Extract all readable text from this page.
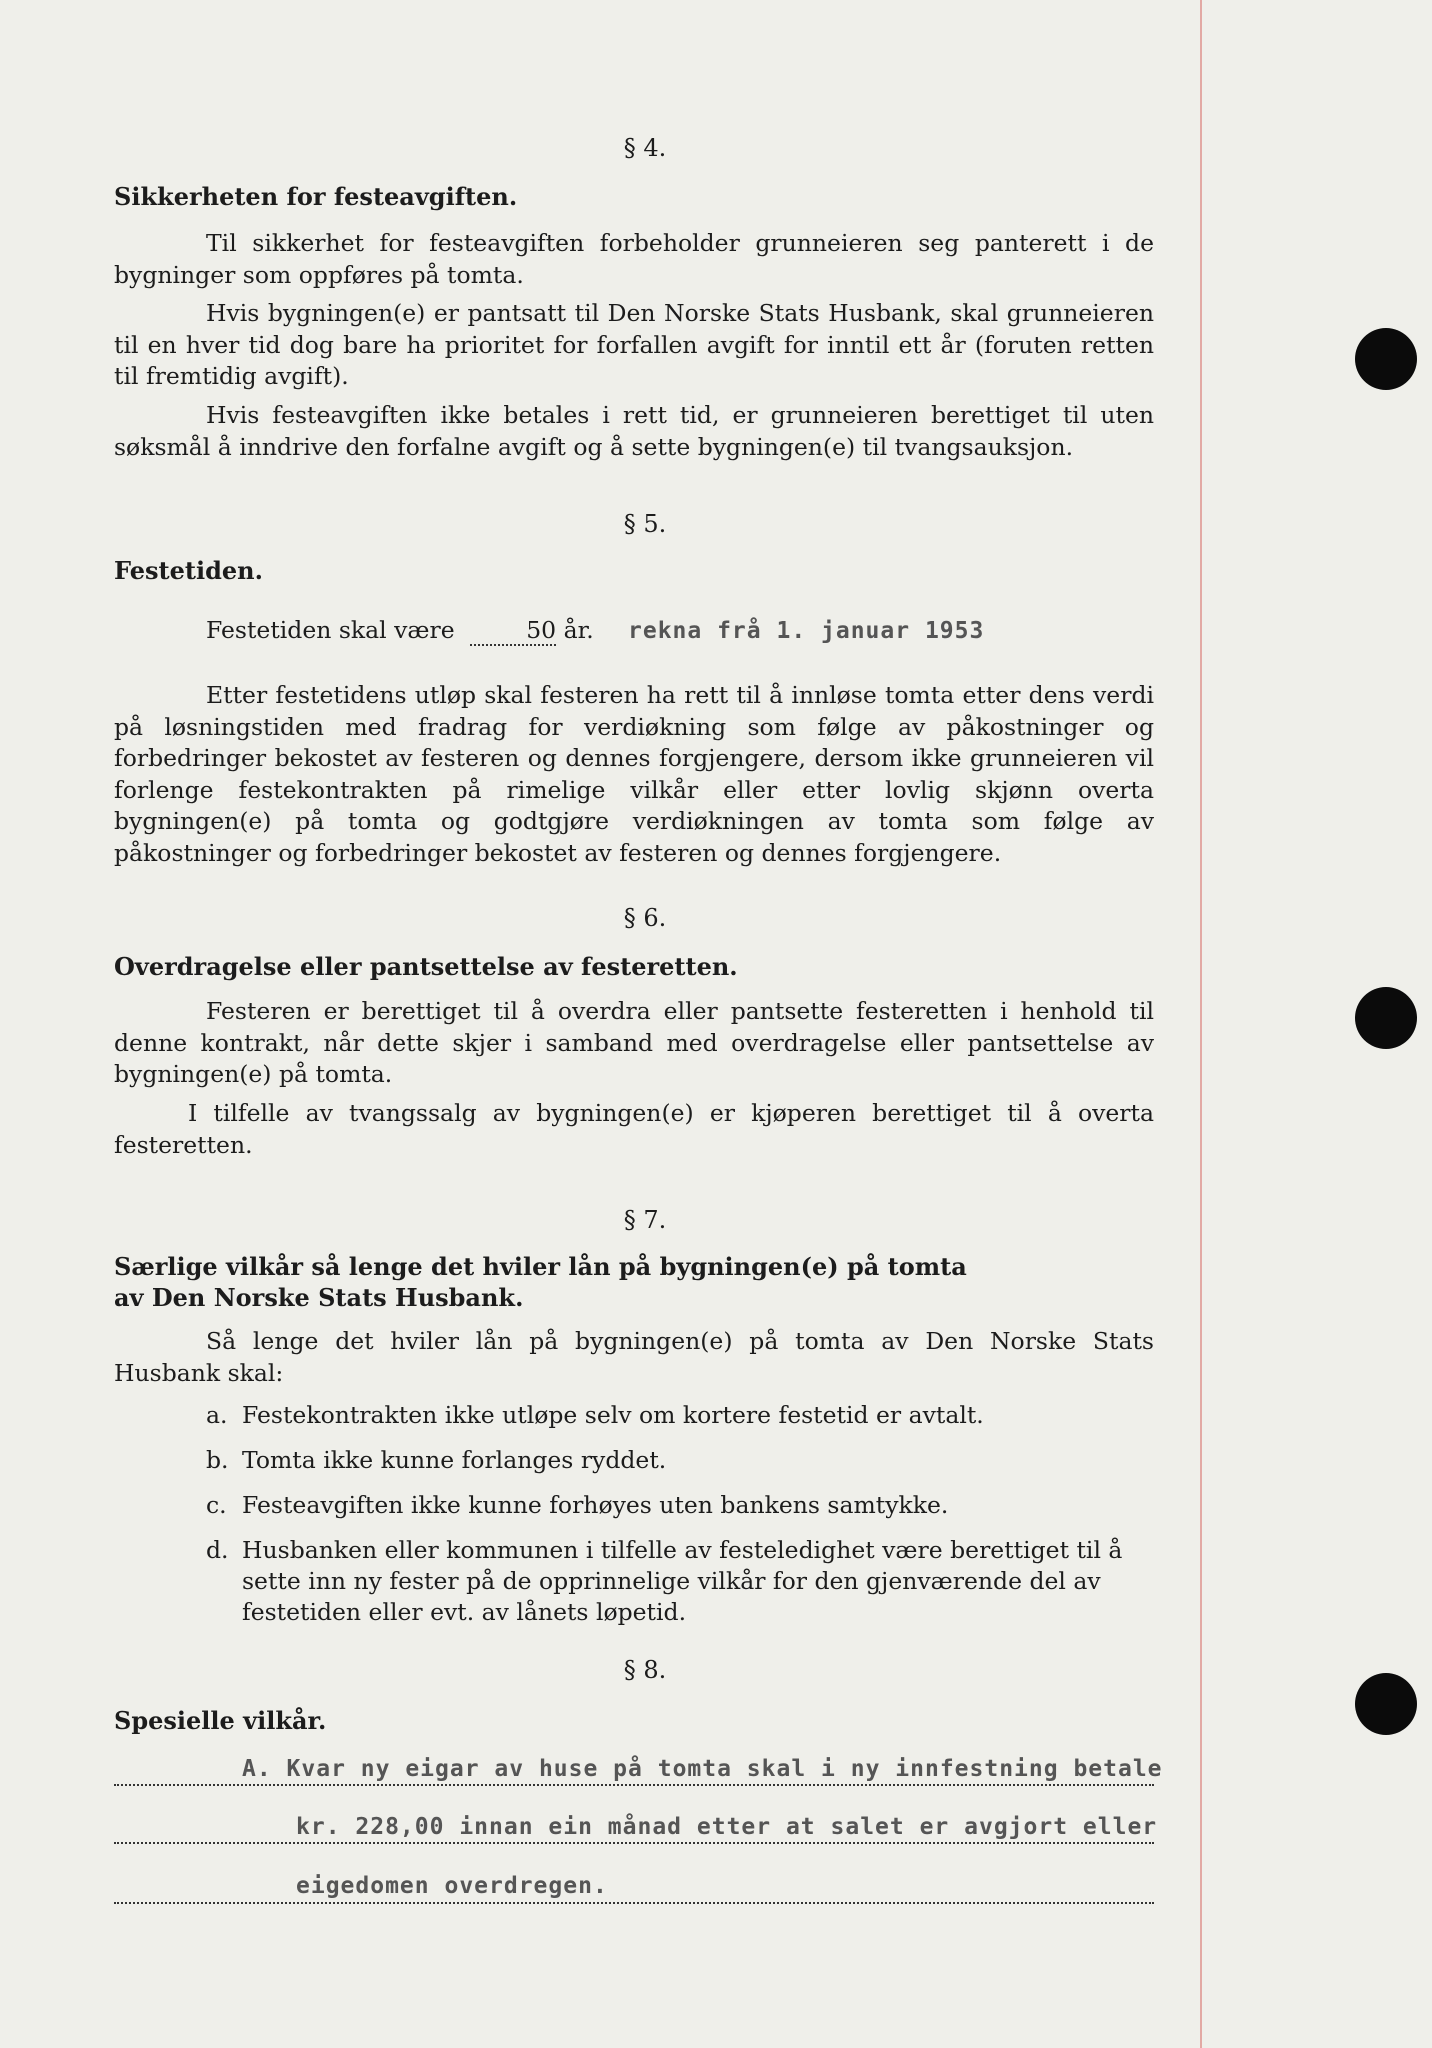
§ 4.
Sikkerheten for festeavgiften.

Til sikkerhet for festeavgiften forbeholder grunneieren seg panterett i de bygninger som oppføres på tomta.

Hvis bygningen(e) er pantsatt til Den Norske Stats Husbank, skal grunneieren til en hver tid dog bare ha prioritet for forfallen avgift for inntil ett år (foruten retten til fremtidig avgift).

Hvis festeavgiften ikke betales i rett tid, er grunneieren berettiget til uten søksmål å inndrive den forfalne avgift og å sette bygningen(e) til tvangsauksjon.

§ 5.
Festetiden.
Festetiden skal være	50 år. rekna frå 1. januar 1953

Etter festetidens utløp skal festeren ha rett til å innløse tomta etter dens verdi på løsningstiden med fradrag for verdiøkning som følge av påkostninger og forbedringer bekostet av festeren og dennes forgjengere, dersom ikke grunneieren vil forlenge festekontrakten på rimelige vilkår eller etter lovlig skjønn overta bygningen(e) på tomta og godtgjøre verdiøkningen av tomta som følge av påkostninger og forbedringer bekostet av festeren og dennes forgjengere.

§ 6.
Overdragelse eller pantsettelse av festeretten.

Festeren er berettiget til å overdra eller pantsette festeretten i henhold til denne kontrakt, når dette skjer i samband med overdragelse eller pantsettelse av bygningen(e) på tomta.

I tilfelle av tvangssalg av bygningen(e) er kjøperen berettiget til å overta festeretten.

§ 7.
Særlige vilkår så lenge det hviler lån på bygningen(e) på tomta
av Den Norske Stats Husbank.

Så lenge det hviler lån på bygningen(e) på tomta av Den Norske Stats Husbank skal:

a. Festekontrakten ikke utløpe selv om kortere festetid er avtalt.
b. Tomta ikke kunne forlanges ryddet.
c. Festeavgiften ikke kunne forhøyes uten bankens samtykke.
d. Husbanken eller kommunen i tilfelle av festeledighet være berettiget til å sette inn ny fester på de opprinnelige vilkår for den gjenværende del av festetiden eller evt. av lånets løpetid.
§ 8.
Spesielle vilkår.
A. Kvar ny eigar av huse på tomta skal i ny innfestning betale
kr. 228,00 innan ein månad etter at salet er avgjort eller
eigedomen overdregen.
